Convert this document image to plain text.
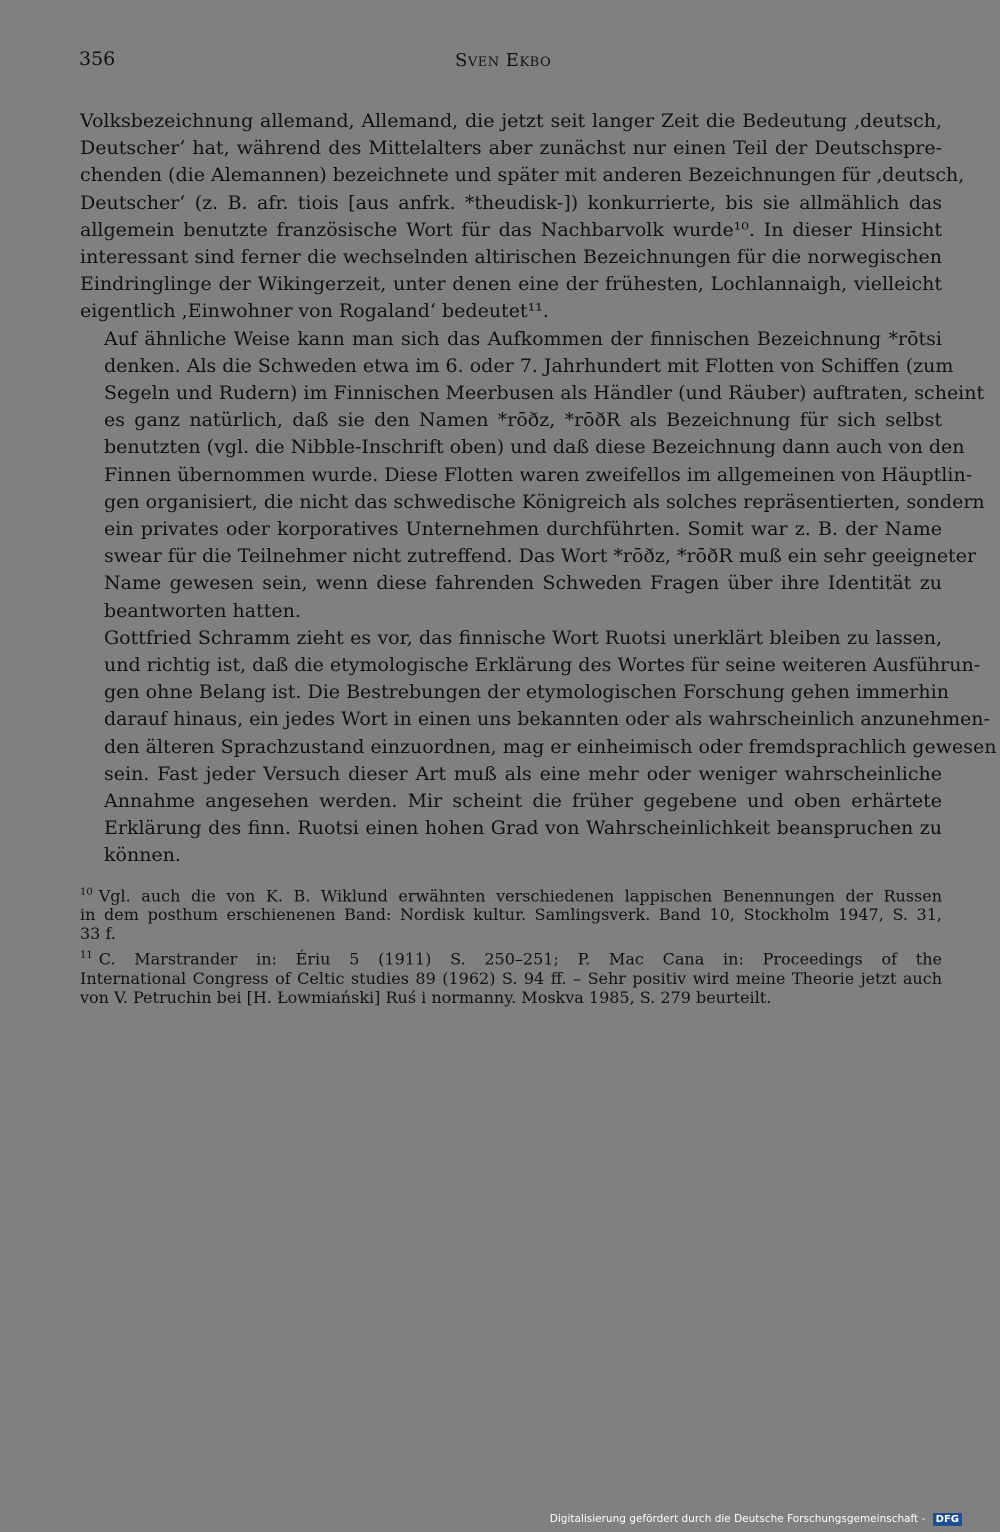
356	Sven Ekbo

Volksbezeichnung allemand, Allemand, die jetzt seit langer Zeit die Bedeutung ‚deutsch,
Deutscher‘ hat, während des Mittelalters aber zunächst nur einen Teil der Deutschspre-
chenden (die Alemannen) bezeichnete und später mit anderen Bezeichnungen für ‚deutsch,
Deutscher‘ (z. B. afr. tiois [aus anfrk. *theudisk-]) konkurrierte, bis sie allmählich das
allgemein benutzte französische Wort für das Nachbarvolk wurde¹⁰. In dieser Hinsicht
interessant sind ferner die wechselnden altirischen Bezeichnungen für die norwegischen
Eindringlinge der Wikingerzeit, unter denen eine der frühesten, Lochlannaigh, vielleicht
eigentlich ‚Einwohner von Rogaland‘ bedeutet¹¹.

Auf ähnliche Weise kann man sich das Aufkommen der finnischen Bezeichnung *rōtsi
denken. Als die Schweden etwa im 6. oder 7. Jahrhundert mit Flotten von Schiffen (zum
Segeln und Rudern) im Finnischen Meerbusen als Händler (und Räuber) auftraten, scheint
es ganz natürlich, daß sie den Namen *rōðz, *rōðR als Bezeichnung für sich selbst
benutzten (vgl. die Nibble-Inschrift oben) und daß diese Bezeichnung dann auch von den
Finnen übernommen wurde. Diese Flotten waren zweifellos im allgemeinen von Häuptlin-
gen organisiert, die nicht das schwedische Königreich als solches repräsentierten, sondern
ein privates oder korporatives Unternehmen durchführten. Somit war z. B. der Name
swear für die Teilnehmer nicht zutreffend. Das Wort *rōðz, *rōðR muß ein sehr geeigneter
Name gewesen sein, wenn diese fahrenden Schweden Fragen über ihre Identität zu
beantworten hatten.

Gottfried Schramm zieht es vor, das finnische Wort Ruotsi unerklärt bleiben zu lassen,
und richtig ist, daß die etymologische Erklärung des Wortes für seine weiteren Ausführun-
gen ohne Belang ist. Die Bestrebungen der etymologischen Forschung gehen immerhin
darauf hinaus, ein jedes Wort in einen uns bekannten oder als wahrscheinlich anzunehmen-
den älteren Sprachzustand einzuordnen, mag er einheimisch oder fremdsprachlich gewesen
sein. Fast jeder Versuch dieser Art muß als eine mehr oder weniger wahrscheinliche
Annahme angesehen werden. Mir scheint die früher gegebene und oben erhärtete
Erklärung des finn. Ruotsi einen hohen Grad von Wahrscheinlichkeit beanspruchen zu
können.

$^{10}$ Vgl. auch die von K. B. Wiklund erwähnten verschiedenen lappischen Benennungen der Russen
in dem posthum erschienenen Band: Nordisk kultur. Samlingsverk. Band 10, Stockholm 1947, S. 31,
33 f.

$^{11}$ C. Marstrander in: Ériu 5 (1911) S. 250–251; P. Mac Cana in: Proceedings of the
International Congress of Celtic studies 89 (1962) S. 94 ff. – Sehr positiv wird meine Theorie jetzt auch
von V. Petruchin bei [H. Łowmiański] Ruś i normanny. Moskva 1985, S. 279 beurteilt.

Digitalisierung gefördert durch die Deutsche Forschungsgemeinschaft - DFG
